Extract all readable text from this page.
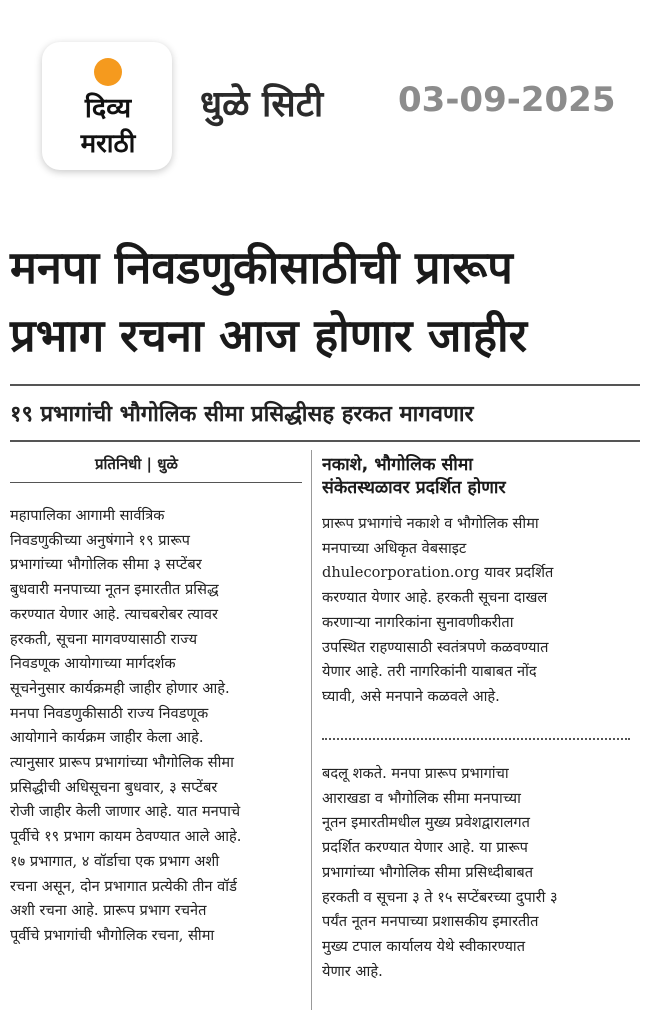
दिव्य
मराठी
धुळे सिटी 03-09-2025
मनपा निवडणुकीसाठीची प्रारूप
प्रभाग रचना आज होणार जाहीर
१९ प्रभागांची भौगोलिक सीमा प्रसिद्धीसह हरकत मागवणार
प्रतिनिधी | धुळे
महापालिका आगामी सार्वत्रिक
निवडणुकीच्या अनुषंगाने १९ प्रारूप
प्रभागांच्या भौगोलिक सीमा ३ सप्टेंबर
बुधवारी मनपाच्या नूतन इमारतीत प्रसिद्ध
करण्यात येणार आहे. त्याचबरोबर त्यावर
हरकती, सूचना मागवण्यासाठी राज्य
निवडणूक आयोगाच्या मार्गदर्शक
सूचनेनुसार कार्यक्रमही जाहीर होणार आहे.
मनपा निवडणुकीसाठी राज्य निवडणूक
आयोगाने कार्यक्रम जाहीर केला आहे.
त्यानुसार प्रारूप प्रभागांच्या भौगोलिक सीमा
प्रसिद्धीची अधिसूचना बुधवार, ३ सप्टेंबर
रोजी जाहीर केली जाणार आहे. यात मनपाचे
पूर्वीचे १९ प्रभाग कायम ठेवण्यात आले आहे.
१७ प्रभागात, ४ वॉर्डाचा एक प्रभाग अशी
रचना असून, दोन प्रभागात प्रत्येकी तीन वॉर्ड
अशी रचना आहे. प्रारूप प्रभाग रचनेत
पूर्वीचे प्रभागांची भौगोलिक रचना, सीमा
नकाशे, भौगोलिक सीमा
संकेतस्थळावर प्रदर्शित होणार
प्रारूप प्रभागांचे नकाशे व भौगोलिक सीमा
मनपाच्या अधिकृत वेबसाइट
dhulecorporation.org यावर प्रदर्शित
करण्यात येणार आहे. हरकती सूचना दाखल
करणाऱ्या नागरिकांना सुनावणीकरीता
उपस्थित राहण्यासाठी स्वतंत्रपणे कळवण्यात
येणार आहे. तरी नागरिकांनी याबाबत नोंद
घ्यावी, असे मनपाने कळवले आहे.
बदलू शकते. मनपा प्रारूप प्रभागांचा
आराखडा व भौगोलिक सीमा मनपाच्या
नूतन इमारतीमधील मुख्य प्रवेशद्वारालगत
प्रदर्शित करण्यात येणार आहे. या प्रारूप
प्रभागांच्या भौगोलिक सीमा प्रसिध्दीबाबत
हरकती व सूचना ३ ते १५ सप्टेंबरच्या दुपारी ३
पर्यंत नूतन मनपाच्या प्रशासकीय इमारतीत
मुख्य टपाल कार्यालय येथे स्वीकारण्यात
येणार आहे.
